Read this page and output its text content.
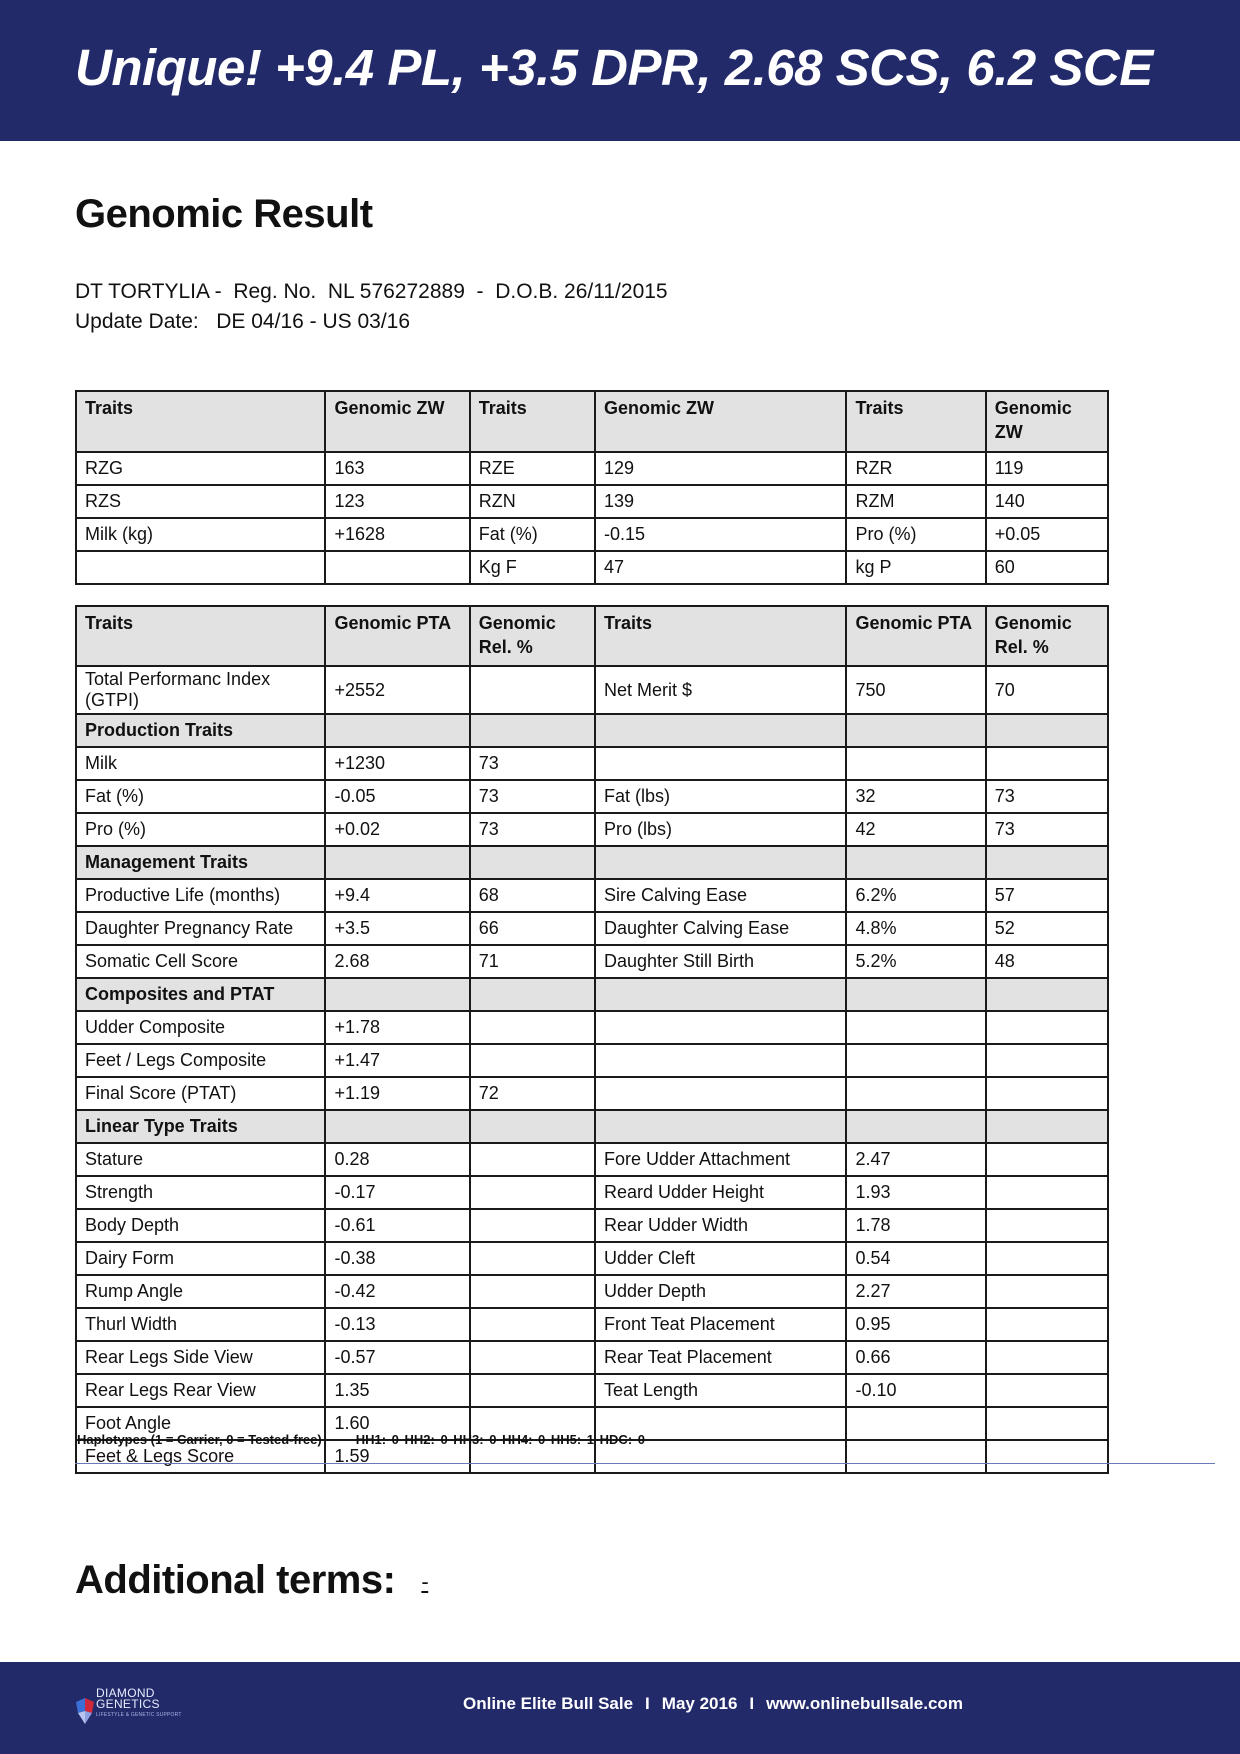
Unique! +9.4 PL, +3.5 DPR, 2.68 SCS, 6.2 SCE
Genomic Result
DT TORTYLIA -  Reg. No.  NL 576272889  -  D.O.B. 26/11/2015
Update Date:   DE 04/16 - US 03/16
Traits	Genomic ZW	Traits	Genomic ZW	Traits	Genomic ZW
RZG	163	RZE	129	RZR	119
RZS	123	RZN	139	RZM	140
Milk (kg)	+1628	Fat (%)	-0.15	Pro (%)	+0.05
		Kg F	47	kg P	60
Traits	Genomic PTA	Genomic Rel. %	Traits	Genomic PTA	Genomic Rel. %
Total Performanc Index (GTPI)	+2552		Net Merit $	750	70
Production Traits					
Milk	+1230	73			
Fat (%)	-0.05	73	Fat (lbs)	32	73
Pro (%)	+0.02	73	Pro (lbs)	42	73
Management Traits					
Productive Life (months)	+9.4	68	Sire Calving Ease	6.2%	57
Daughter Pregnancy Rate	+3.5	66	Daughter Calving Ease	4.8%	52
Somatic Cell Score	2.68	71	Daughter Still Birth	5.2%	48
Composites and PTAT					
Udder Composite	+1.78				
Feet / Legs Composite	+1.47				
Final Score (PTAT)	+1.19	72			
Linear Type Traits					
Stature	0.28		Fore Udder Attachment	2.47	
Strength	-0.17		Reard Udder Height	1.93	
Body Depth	-0.61		Rear Udder Width	1.78	
Dairy Form	-0.38		Udder Cleft	0.54	
Rump Angle	-0.42		Udder Depth	2.27	
Thurl Width	-0.13		Front Teat Placement	0.95	
Rear Legs Side View	-0.57		Rear Teat Placement	0.66	
Rear Legs Rear View	1.35		Teat Length	-0.10	
Foot Angle	1.60				
Feet & Legs Score	1.59				
Haplotypes (1 = Carrier, 0 = Tested-free)	HH1: 0 HH2: 0 HH3: 0 HH4: 0 HH5: 1 HDC: 0
Additional terms: -
DIAMOND
GENETICS
LIFESTYLE & GENETIC SUPPORT
Online Elite Bull Sale I May 2016 I www.onlinebullsale.com
